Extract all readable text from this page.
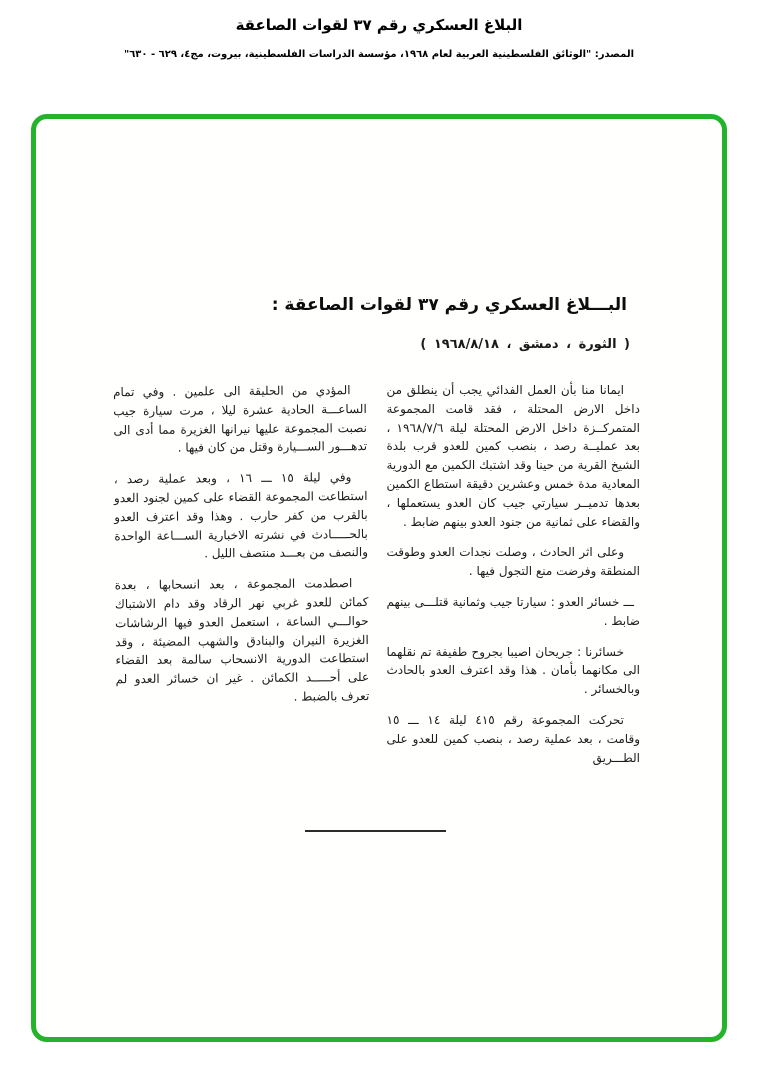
البلاغ العسكري رقم ٣٧ لقوات الصاعقة
المصدر: "الوثائق الفلسطينية العربية لعام ١٩٦٨، مؤسسة الدراسات الفلسطينية، بيروت، مج٤، ٦٢٩ - ٦٣٠"
البـــلاغ العسكري رقم ٣٧ لقوات الصاعقة :
( الثورة ، دمشق ، ١٩٦٨/٨/١٨ )

ايمانا منا بأن العمل الفدائي يجب أن ينطلق من داخل الارض المحتلة ، فقد قامت المجموعة المتمركــزة داخل الارض المحتلة ليلة ١٩٦٨/٧/٦ ، بعد عمليــة رصد ، بنصب كمين للعدو قرب بلدة الشيخ القرية من حينا وقد اشتبك الكمين مع الدورية المعادية مدة خمس وعشرين دقيقة استطاع الكمين بعدها تدميــر سيارتي جيب كان العدو يستعملها ، والقضاء على ثمانية من جنود العدو بينهم ضابط .

وعلى اثر الحادث ، وصلت نجدات العدو وطوقت المنطقة وفرضت منع التجول فيها .

ـــ خسائر العدو : سيارتا جيب وثمانية قتلـــى بينهم ضابط .

خسائرنا : جريحان اصيبا بجروح طفيفة تم نقلهما الى مكانهما بأمان . هذا وقد اعترف العدو بالحادث وبالخسائر .

تحركت المجموعة رقم ٤١٥ ليلة ١٤ ـــ ١٥ وقامت ، بعد عملية رصد ، بنصب كمين للعدو على الطـــريق

المؤدي من الحليقة الى علمين . وفي تمام الساعـــة الحادية عشرة ليلا ، مرت سيارة جيب نصبت المجموعة عليها نيرانها الغزيرة مما أدى الى تدهـــور الســـيارة وقتل من كان فيها .

وفي ليلة ١٥ ـــ ١٦ ، وبعد عملية رصد ، استطاعت المجموعة القضاء على كمين لجنود العدو بالقرب من كفر حارب . وهذا وقد اعترف العدو بالحـــــادث في نشرته الاخبارية الســـاعة الواحدة والنصف من بعـــد منتصف الليل .

اصطدمت المجموعة ، بعد انسحابها ، بعدة كمائن للعدو غربي نهر الرقاد وقد دام الاشتباك حوالـــي الساعة ، استعمل العدو فيها الرشاشات الغزيرة النيران والبنادق والشهب المضيئة ، وقد استطاعت الدورية الانسحاب سالمة بعد القضاء على أحـــــد الكمائن . غير ان خسائر العدو لم تعرف بالضبط .
